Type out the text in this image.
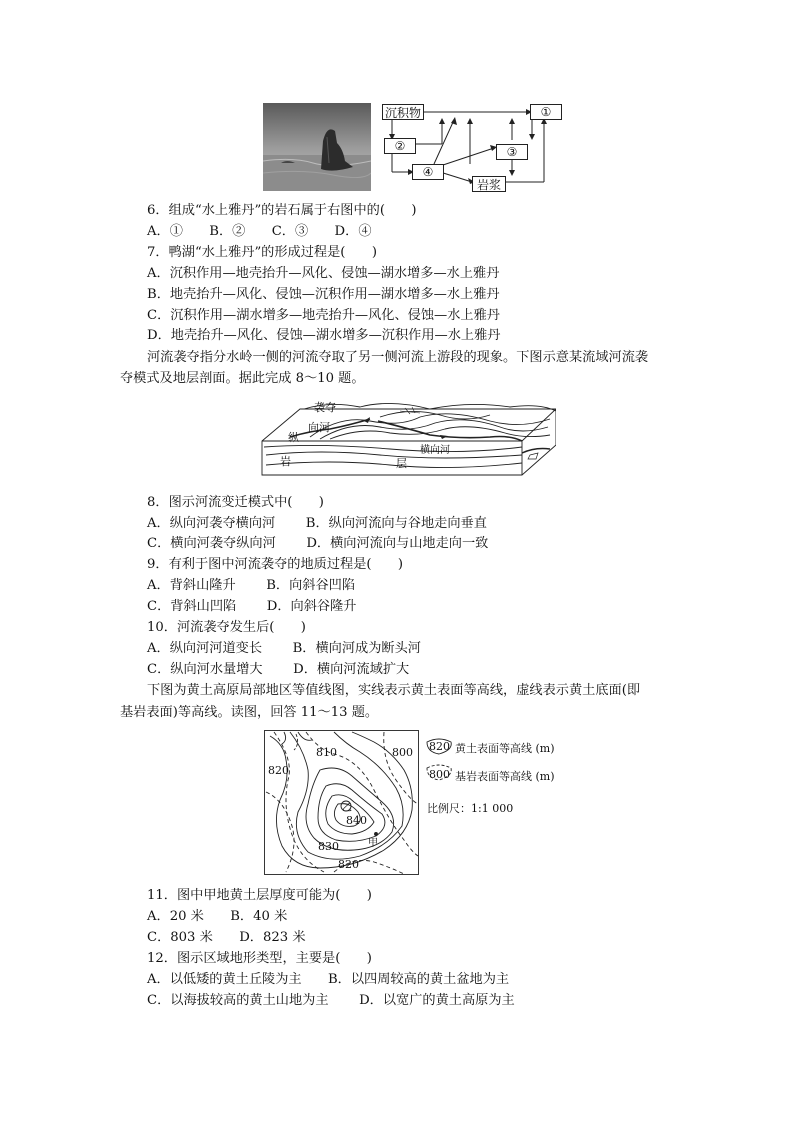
沉积物	①
②	③
④
岩浆
6．组成“水上雅丹”的岩石属于右图中的(　　)
A．①　　B．②　　C．③　　D．④
7．鸭湖“水上雅丹”的形成过程是(　　)
A．沉积作用—地壳抬升—风化、侵蚀—湖水增多—水上雅丹
B．地壳抬升—风化、侵蚀—沉积作用—湖水增多—水上雅丹
C．沉积作用—湖水增多—地壳抬升—风化、侵蚀—水上雅丹
D．地壳抬升—风化、侵蚀—湖水增多—沉积作用—水上雅丹
河流袭夺指分水岭一侧的河流夺取了另一侧河流上游段的现象。下图示意某流域河流袭
夺模式及地层剖面。据此完成 8～10 题。
袭夺
向河
纵
横向河
岩	层
8．图示河流变迁模式中(　　)
A．纵向河袭夺横向河　　 B．纵向河流向与谷地走向垂直
C．横向河袭夺纵向河　　 D．横向河流向与山地走向一致
9．有利于图中河流袭夺的地质过程是(　　)
A．背斜山隆升　　 B．向斜谷凹陷
C．背斜山凹陷　　 D．向斜谷隆升
10．河流袭夺发生后(　　)
A．纵向河河道变长　　 B．横向河成为断头河
C．纵向河水量增大　　 D．横向河流域扩大
下图为黄土高原局部地区等值线图，实线表示黄土表面等高线，虚线表示黄土底面(即
基岩表面)等高线。读图，回答 11～13 题。
810	800
820
乙
840
甲
830
820
820 黄土表面等高线 (m)
800 基岩表面等高线 (m)
比例尺：1:1 000
11．图中甲地黄土层厚度可能为(　　)
A．20 米　　B．40 米
C．803 米　　D．823 米
12．图示区域地形类型，主要是(　　)
A．以低矮的黄土丘陵为主　　B．以四周较高的黄土盆地为主
C．以海拔较高的黄土山地为主　　 D．以宽广的黄土高原为主
